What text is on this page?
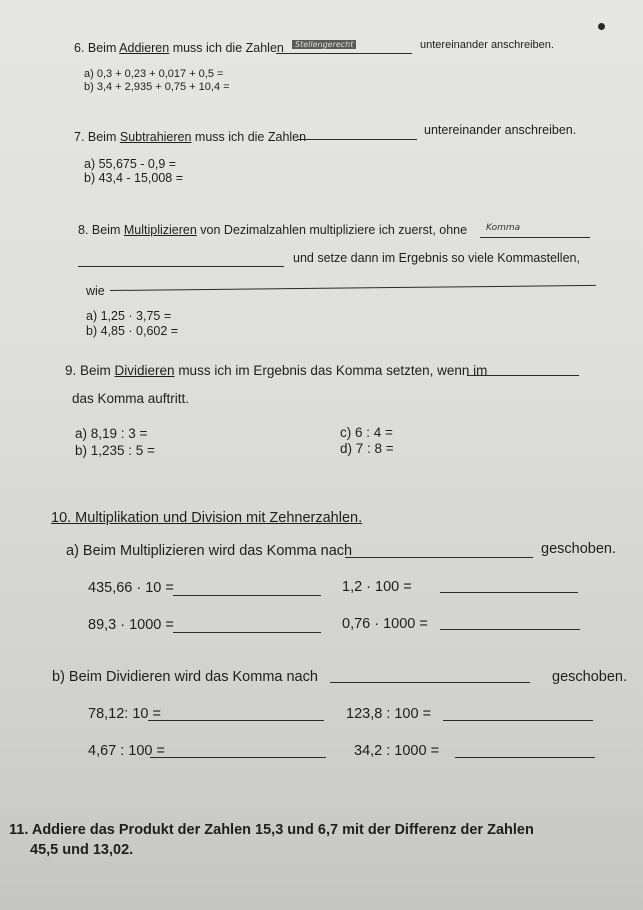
6. Beim Addieren muss ich die Zahlen	Stellengerecht	untereinander anschreiben.
a) 0,3 + 0,23 + 0,017 + 0,5 =
b) 3,4 + 2,935 + 0,75 + 10,4 =
7. Beim Subtrahieren muss ich die Zahlen	untereinander anschreiben.
a) 55,675 - 0,9 =
b) 43,4 - 15,008 =
8. Beim Multiplizieren von Dezimalzahlen multipliziere ich zuerst, ohne Komma
und setze dann im Ergebnis so viele Kommastellen,
wie
a) 1,25 · 3,75 =
b) 4,85 · 0,602 =
9. Beim Dividieren muss ich im Ergebnis das Komma setzten, wenn im
das Komma auftritt.
a) 8,19 : 3 =
b) 1,235 : 5 =
c) 6 : 4 =
d) 7 : 8 =
10. Multiplikation und Division mit Zehnerzahlen.
a) Beim Multiplizieren wird das Komma nach	geschoben.
435,66 · 10 =	1,2 · 100 =
89,3 · 1000 =	0,76 · 1000 =
b) Beim Dividieren wird das Komma nach	geschoben.
78,12: 10 =	123,8 : 100 =
4,67 : 100 =	34,2 : 1000 =
11. Addiere das Produkt der Zahlen 15,3 und 6,7 mit der Differenz der Zahlen
45,5 und 13,02.
